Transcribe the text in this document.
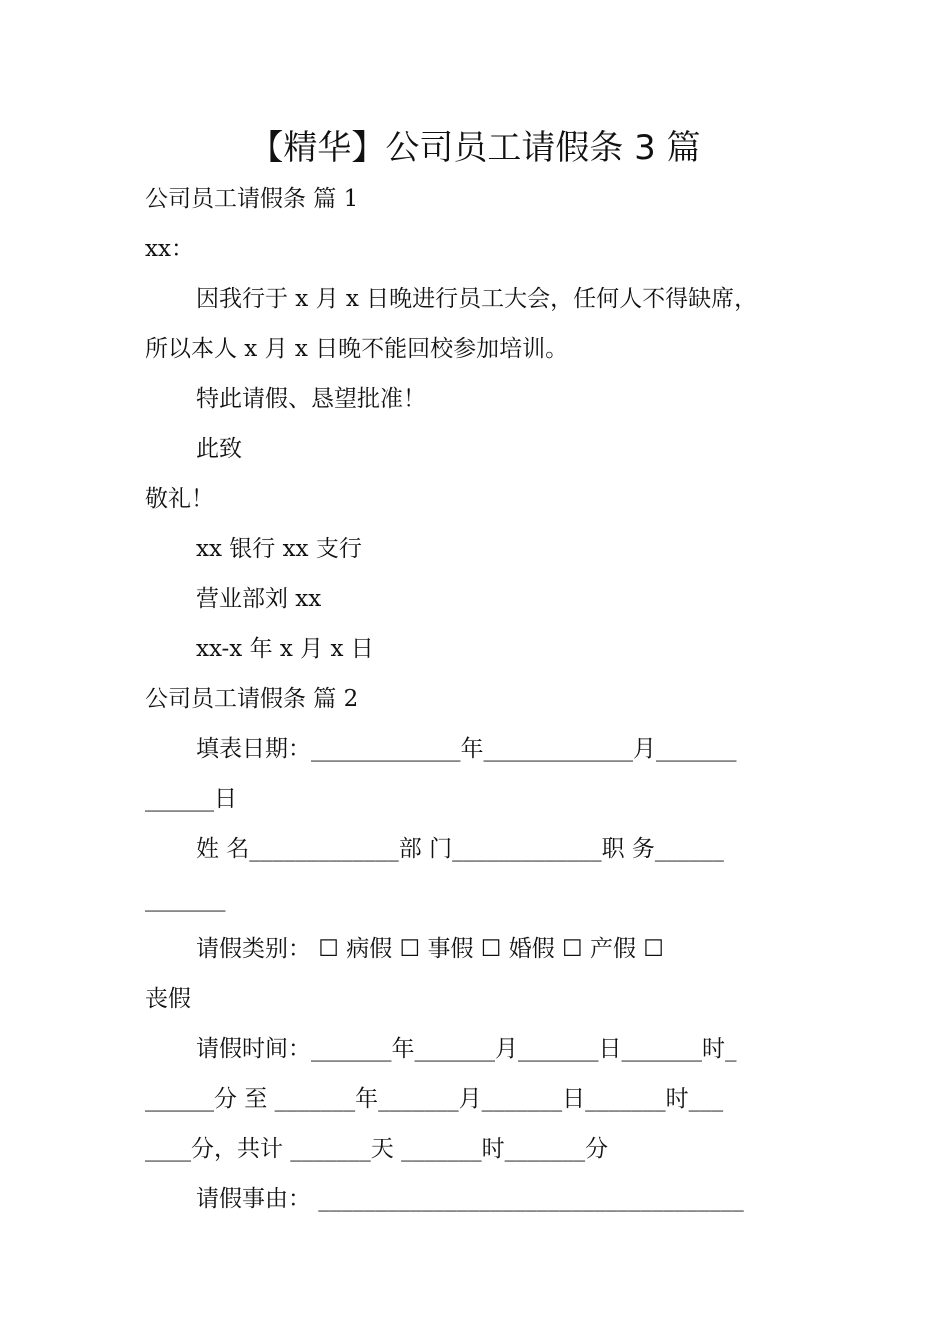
【精华】公司员工请假条 3 篇
公司员工请假条 篇 1
xx：
因我行于 x 月 x 日晚进行员工大会，任何人不得缺席，
所以本人 x 月 x 日晚不能回校参加培训。
特此请假、恳望批准！
此致
敬礼！
xx 银行 xx 支行
营业部刘 xx
xx-x 年 x 月 x 日
公司员工请假条 篇 2
填表日期：_____________年_____________月_______
______日
姓 名_____________部 门_____________职 务______
_______
请假类别： ☐ 病假 ☐ 事假 ☐ 婚假 ☐ 产假 ☐
丧假
请假时间：_______年_______月_______日_______时_
______分 至 _______年_______月_______日_______时___
____分，共计 _______天 _______时_______分
请假事由： _____________________________________
